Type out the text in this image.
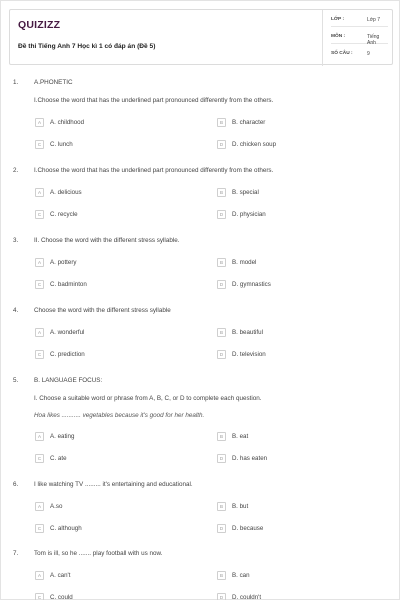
QUIZIZZ
Đề thi Tiếng Anh 7 Học kì 1 có đáp án (Đề 5)
LỚP :	Lớp 7
MÔN :	Tiếng Anh
SỐ CÂU :	9
1. A.PHONETIC
I.Choose the word that has the underlined part pronounced differently from the others.
A	A. childhood	B	B. character
C	C. lunch	D	D. chicken soup
2. I.Choose the word that has the underlined part pronounced differently from the others.
A	A. delicious	B	B. special
C	C. recycle	D	D. physician
3. II. Choose the word with the different stress syllable.
A	A. pottery	B	B. model
C	C. badminton	D	D. gymnastics
4. Choose the word with the different stress syllable
A	A. wonderful	B	B. beautiful
C	C. prediction	D	D. television
5. B. LANGUAGE FOCUS:
I. Choose a suitable word or phrase from A, B, C, or D to complete each question.
Hoa likes ........... vegetables because it's good for her health.
A	A. eating	B	B. eat
C	C. ate	D	D. has eaten
6. I like watching TV ......... it's entertaining and educational.
A	A.so	B	B. but
C	C. although	D	D. because
7. Tom is ill, so he ....... play football with us now.
A	A. can't	B	B. can
C	C. could	D	D. couldn't
